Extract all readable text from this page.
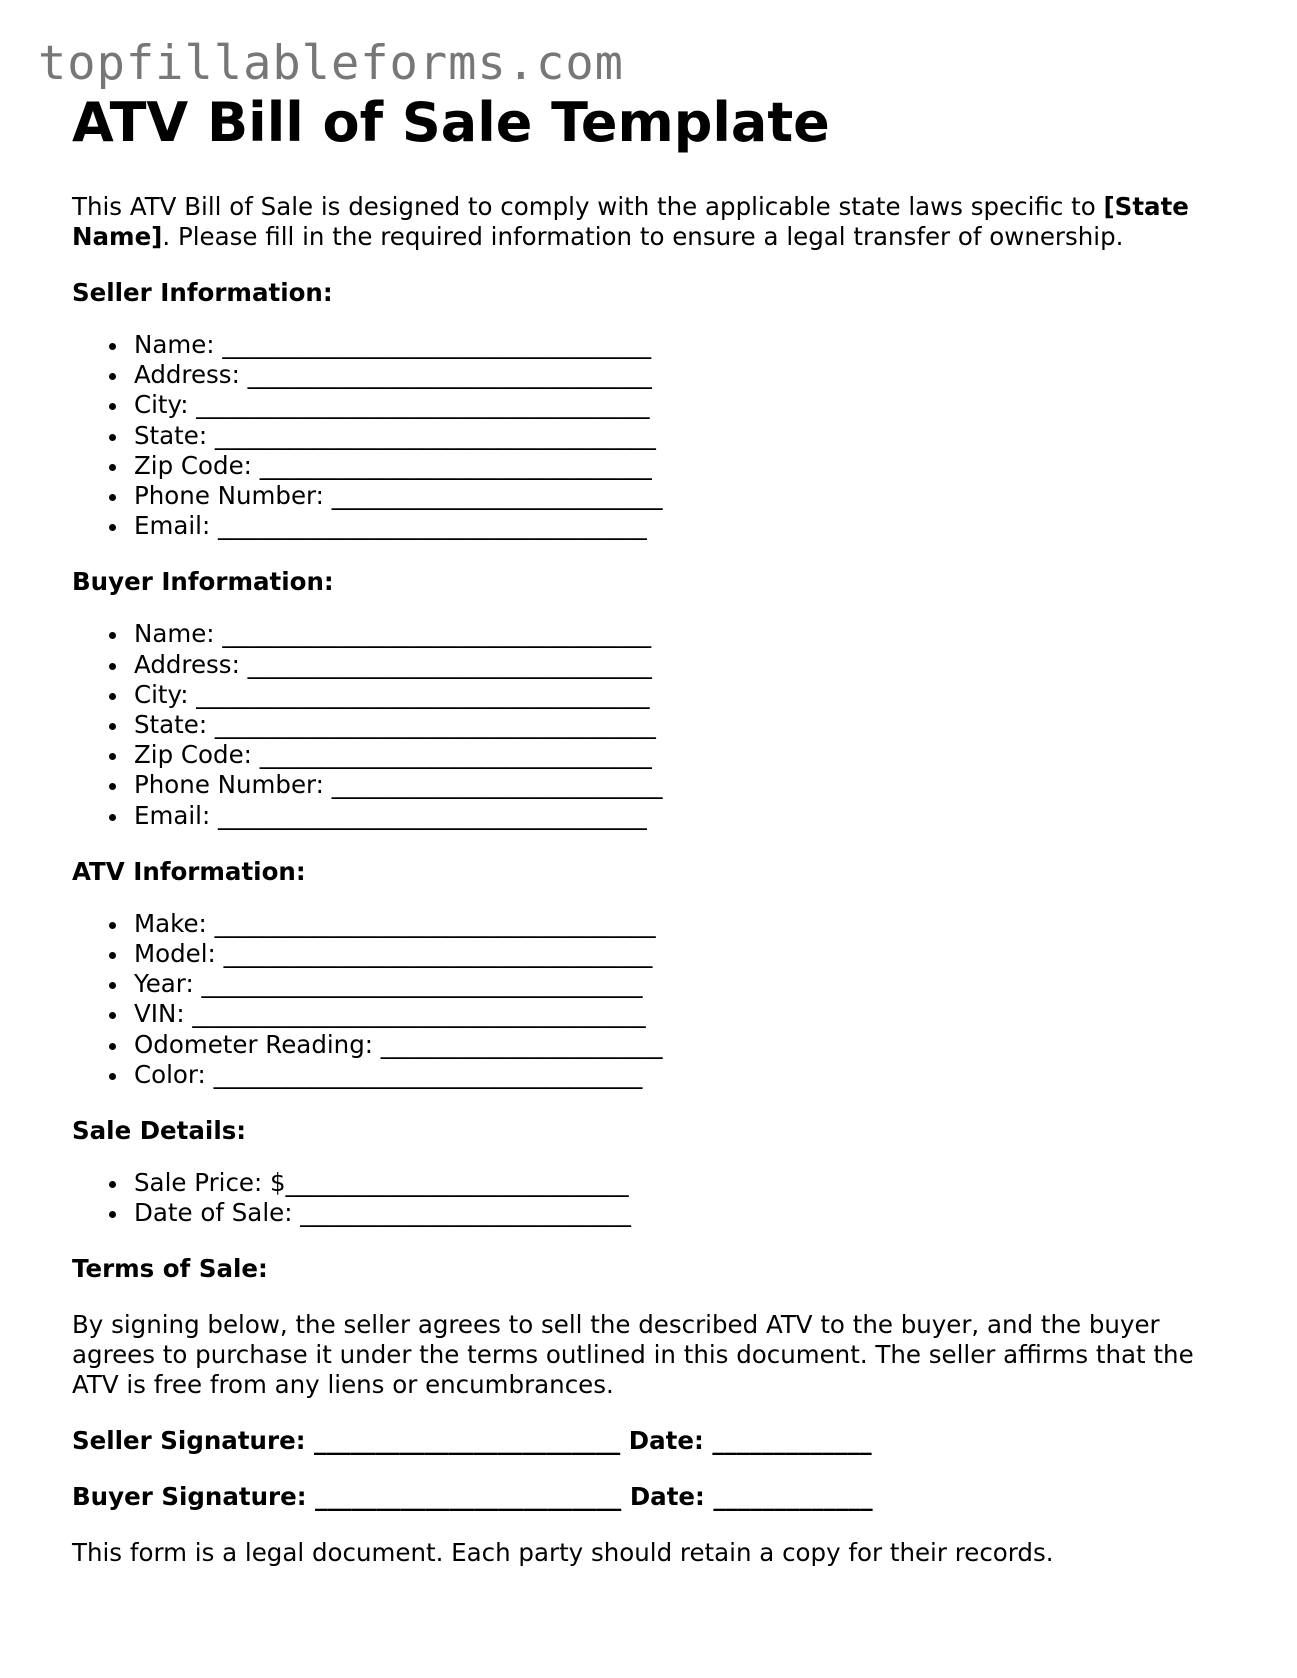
topfillableforms.com
ATV Bill of Sale Template

This ATV Bill of Sale is designed to comply with the applicable state laws specific to [State Name]. Please fill in the required information to ensure a legal transfer of ownership.

Seller Information:
Name: ___________________________________
Address: _________________________________
City: _____________________________________
State: ____________________________________
Zip Code: ________________________________
Phone Number: ___________________________
Email: ___________________________________
Buyer Information:
Name: ___________________________________
Address: _________________________________
City: _____________________________________
State: ____________________________________
Zip Code: ________________________________
Phone Number: ___________________________
Email: ___________________________________
ATV Information:
Make: ____________________________________
Model: ___________________________________
Year: ____________________________________
VIN: _____________________________________
Odometer Reading: _______________________
Color: ___________________________________
Sale Details:
Sale Price: $____________________________
Date of Sale: ___________________________
Terms of Sale:

By signing below, the seller agrees to sell the described ATV to the buyer, and the buyer agrees to purchase it under the terms outlined in this document. The seller affirms that the ATV is free from any liens or encumbrances.

Seller Signature: _________________________ Date: _____________
Buyer Signature: _________________________ Date: _____________

This form is a legal document. Each party should retain a copy for their records.
